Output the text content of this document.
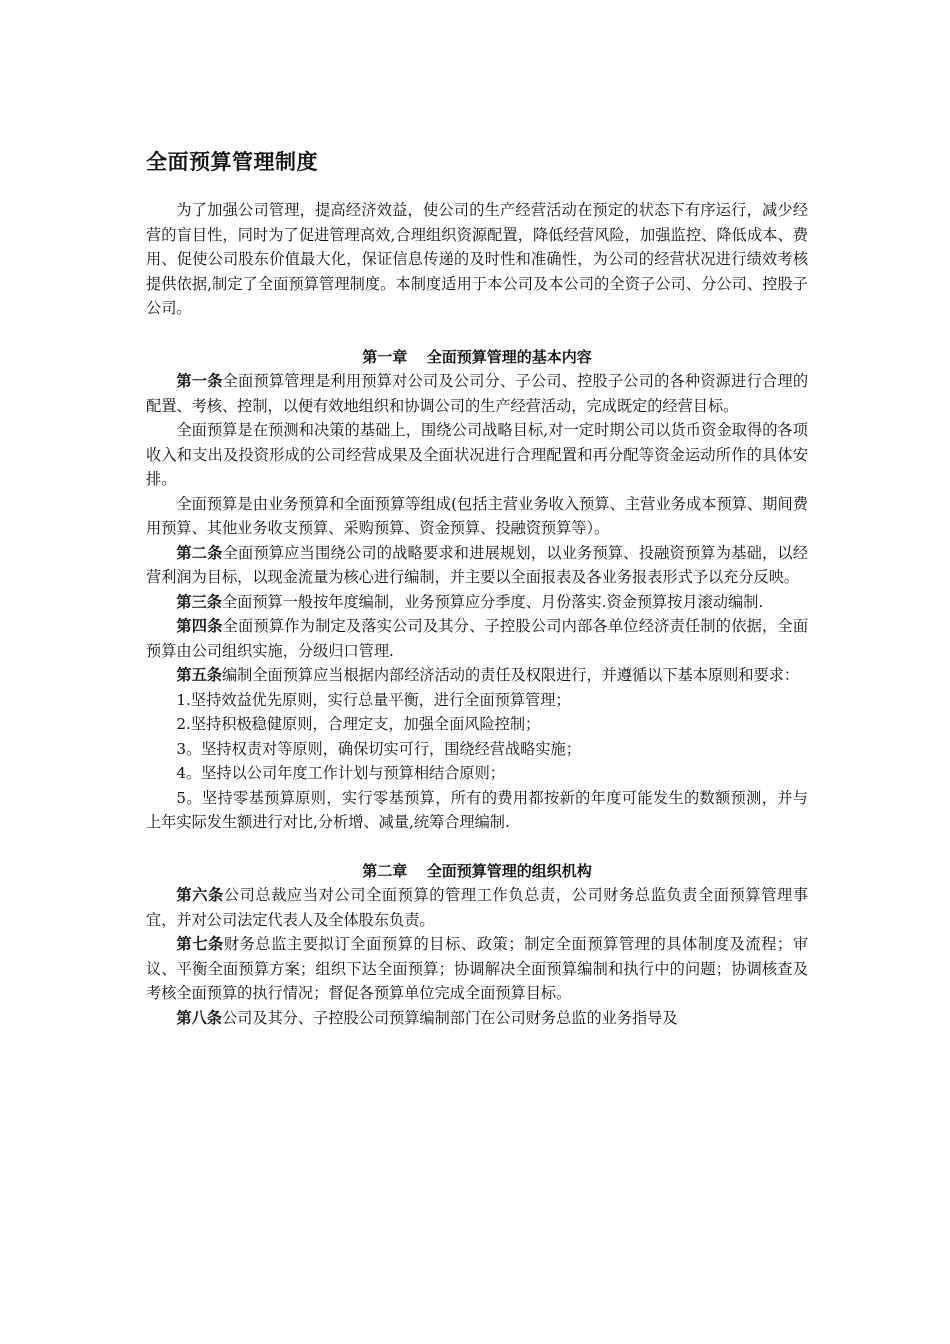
全面预算管理制度

为了加强公司管理，提高经济效益，使公司的生产经营活动在预定的状态下有序运行，减少经营的盲目性，同时为了促进管理高效,合理组织资源配置，降低经营风险，加强监控、降低成本、费用、促使公司股东价值最大化，保证信息传递的及时性和准确性，为公司的经营状况进行绩效考核提供依据,制定了全面预算管理制度。本制度适用于本公司及本公司的全资子公司、分公司、控股子公司。

第一章 全面预算管理的基本内容

第一条全面预算管理是利用预算对公司及公司分、子公司、控股子公司的各种资源进行合理的配置、考核、控制，以便有效地组织和协调公司的生产经营活动，完成既定的经营目标。

全面预算是在预测和决策的基础上，围绕公司战略目标,对一定时期公司以货币资金取得的各项收入和支出及投资形成的公司经营成果及全面状况进行合理配置和再分配等资金运动所作的具体安排。

全面预算是由业务预算和全面预算等组成(包括主营业务收入预算、主营业务成本预算、期间费用预算、其他业务收支预算、采购预算、资金预算、投融资预算等）。

第二条全面预算应当围绕公司的战略要求和进展规划，以业务预算、投融资预算为基础，以经营利润为目标，以现金流量为核心进行编制，并主要以全面报表及各业务报表形式予以充分反映。

第三条全面预算一般按年度编制，业务预算应分季度、月份落实.资金预算按月滚动编制.

第四条全面预算作为制定及落实公司及其分、子控股公司内部各单位经济责任制的依据，全面预算由公司组织实施，分级归口管理.

第五条编制全面预算应当根据内部经济活动的责任及权限进行，并遵循以下基本原则和要求：

1.坚持效益优先原则，实行总量平衡，进行全面预算管理；

2.坚持积极稳健原则，合理定支，加强全面风险控制；

3。坚持权责对等原则，确保切实可行，围绕经营战略实施；

4。坚持以公司年度工作计划与预算相结合原则；

5。坚持零基预算原则，实行零基预算，所有的费用都按新的年度可能发生的数额预测，并与上年实际发生额进行对比,分析增、减量,统筹合理编制.

第二章 全面预算管理的组织机构

第六条公司总裁应当对公司全面预算的管理工作负总责，公司财务总监负责全面预算管理事宜，并对公司法定代表人及全体股东负责。

第七条财务总监主要拟订全面预算的目标、政策；制定全面预算管理的具体制度及流程；审议、平衡全面预算方案；组织下达全面预算；协调解决全面预算编制和执行中的问题；协调核查及考核全面预算的执行情况；督促各预算单位完成全面预算目标。

第八条公司及其分、子控股公司预算编制部门在公司财务总监的业务指导及
